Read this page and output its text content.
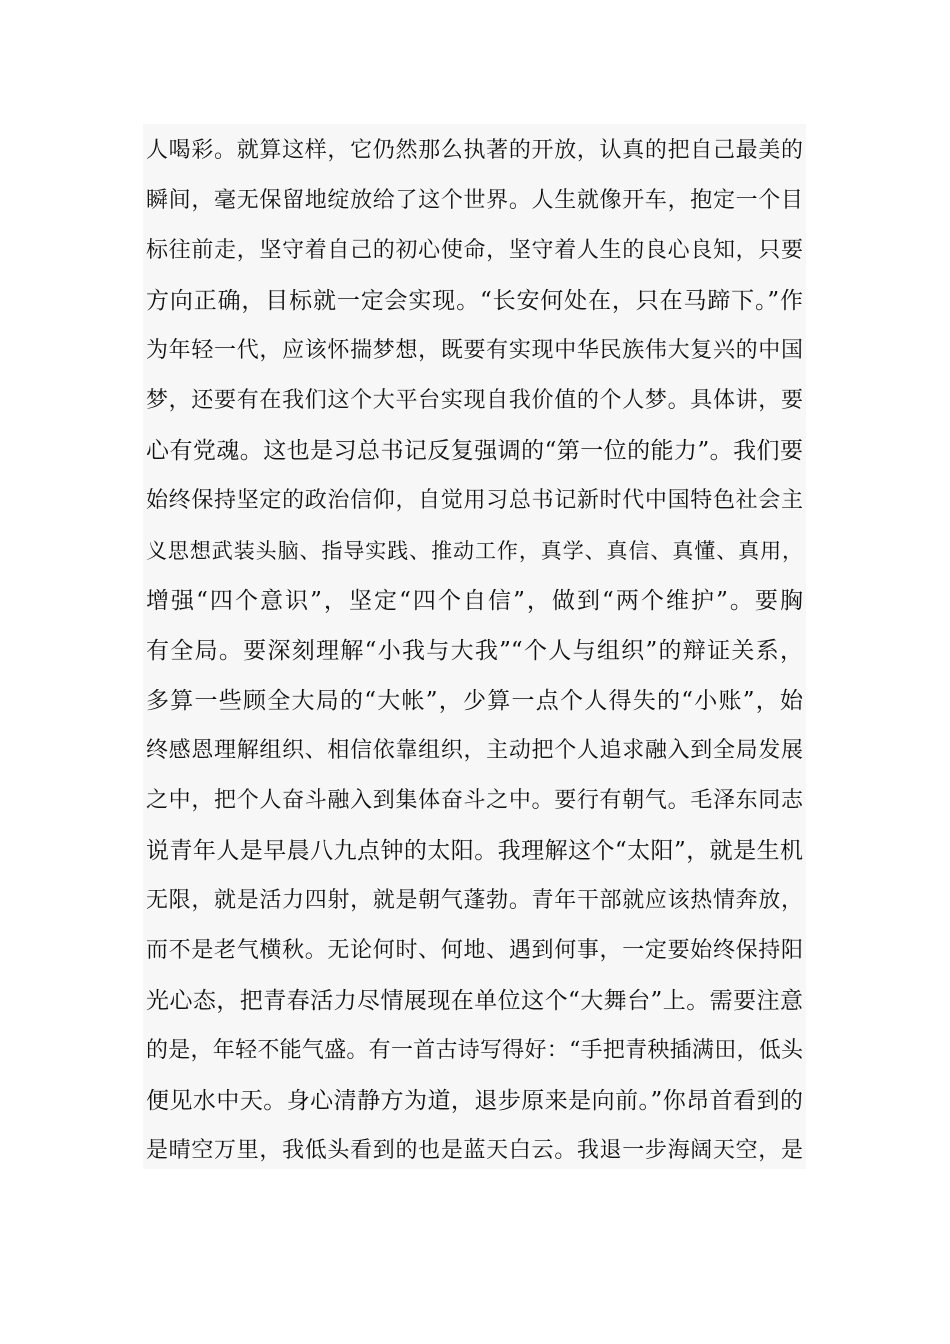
人喝彩。就算这样，它仍然那么执著的开放，认真的把自己最美的
瞬间，毫无保留地绽放给了这个世界。人生就像开车，抱定一个目
标往前走，坚守着自己的初心使命，坚守着人生的良心良知，只要
方向正确，目标就一定会实现。“长安何处在，只在马蹄下。”作
为年轻一代，应该怀揣梦想，既要有实现中华民族伟大复兴的中国
梦，还要有在我们这个大平台实现自我价值的个人梦。具体讲，要
心有党魂。这也是习总书记反复强调的“第一位的能力”。我们要
始终保持坚定的政治信仰，自觉用习总书记新时代中国特色社会主
义思想武装头脑、指导实践、推动工作，真学、真信、真懂、真用，
增强“四个意识”，坚定“四个自信”，做到“两个维护”。要胸
有全局。要深刻理解“小我与大我”“个人与组织”的辩证关系，
多算一些顾全大局的“大帐”，少算一点个人得失的“小账”，始
终感恩理解组织、相信依靠组织，主动把个人追求融入到全局发展
之中，把个人奋斗融入到集体奋斗之中。要行有朝气。毛泽东同志
说青年人是早晨八九点钟的太阳。我理解这个“太阳”，就是生机
无限，就是活力四射，就是朝气蓬勃。青年干部就应该热情奔放，
而不是老气横秋。无论何时、何地、遇到何事，一定要始终保持阳
光心态，把青春活力尽情展现在单位这个“大舞台”上。需要注意
的是，年轻不能气盛。有一首古诗写得好：“手把青秧插满田，低头
便见水中天。身心清静方为道，退步原来是向前。”你昂首看到的
是晴空万里，我低头看到的也是蓝天白云。我退一步海阔天空，是
